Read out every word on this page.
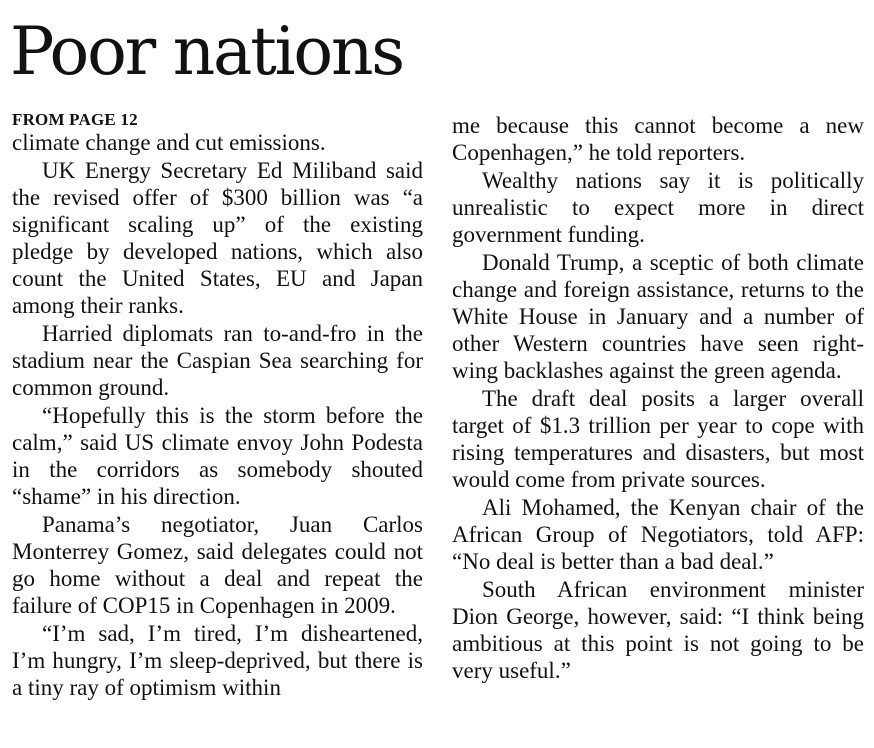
Poor nations
FROM PAGE 12

climate change and cut emissions.

UK Energy Secretary Ed Miliband said the revised offer of $300 billion was “a significant scaling up” of the existing pledge by developed nations, which also count the United States, EU and Japan among their ranks.

Harried diplomats ran to-and-fro in the stadium near the Caspian Sea searching for common ground.

“Hopefully this is the storm before the calm,” said US climate envoy John Podesta in the corridors as somebody shouted “shame” in his direction.

Panama’s negotiator, Juan Carlos Monterrey Gomez, said delegates could not go home without a deal and repeat the failure of COP15 in Copenhagen in 2009.

“I’m sad, I’m tired, I’m disheartened, I’m hungry, I’m sleep-deprived, but there is a tiny ray of optimism within

me because this cannot become a new Copenhagen,” he told reporters.

Wealthy nations say it is politically unrealistic to expect more in direct government funding.

Donald Trump, a sceptic of both climate change and foreign assistance, returns to the White House in January and a number of other Western countries have seen right-wing backlashes against the green agenda.

The draft deal posits a larger overall target of $1.3 trillion per year to cope with rising temperatures and disasters, but most would come from private sources.

Ali Mohamed, the Kenyan chair of the African Group of Negotiators, told AFP: “No deal is better than a bad deal.”

South African environment minister Dion George, however, said: “I think being ambitious at this point is not going to be very useful.”
